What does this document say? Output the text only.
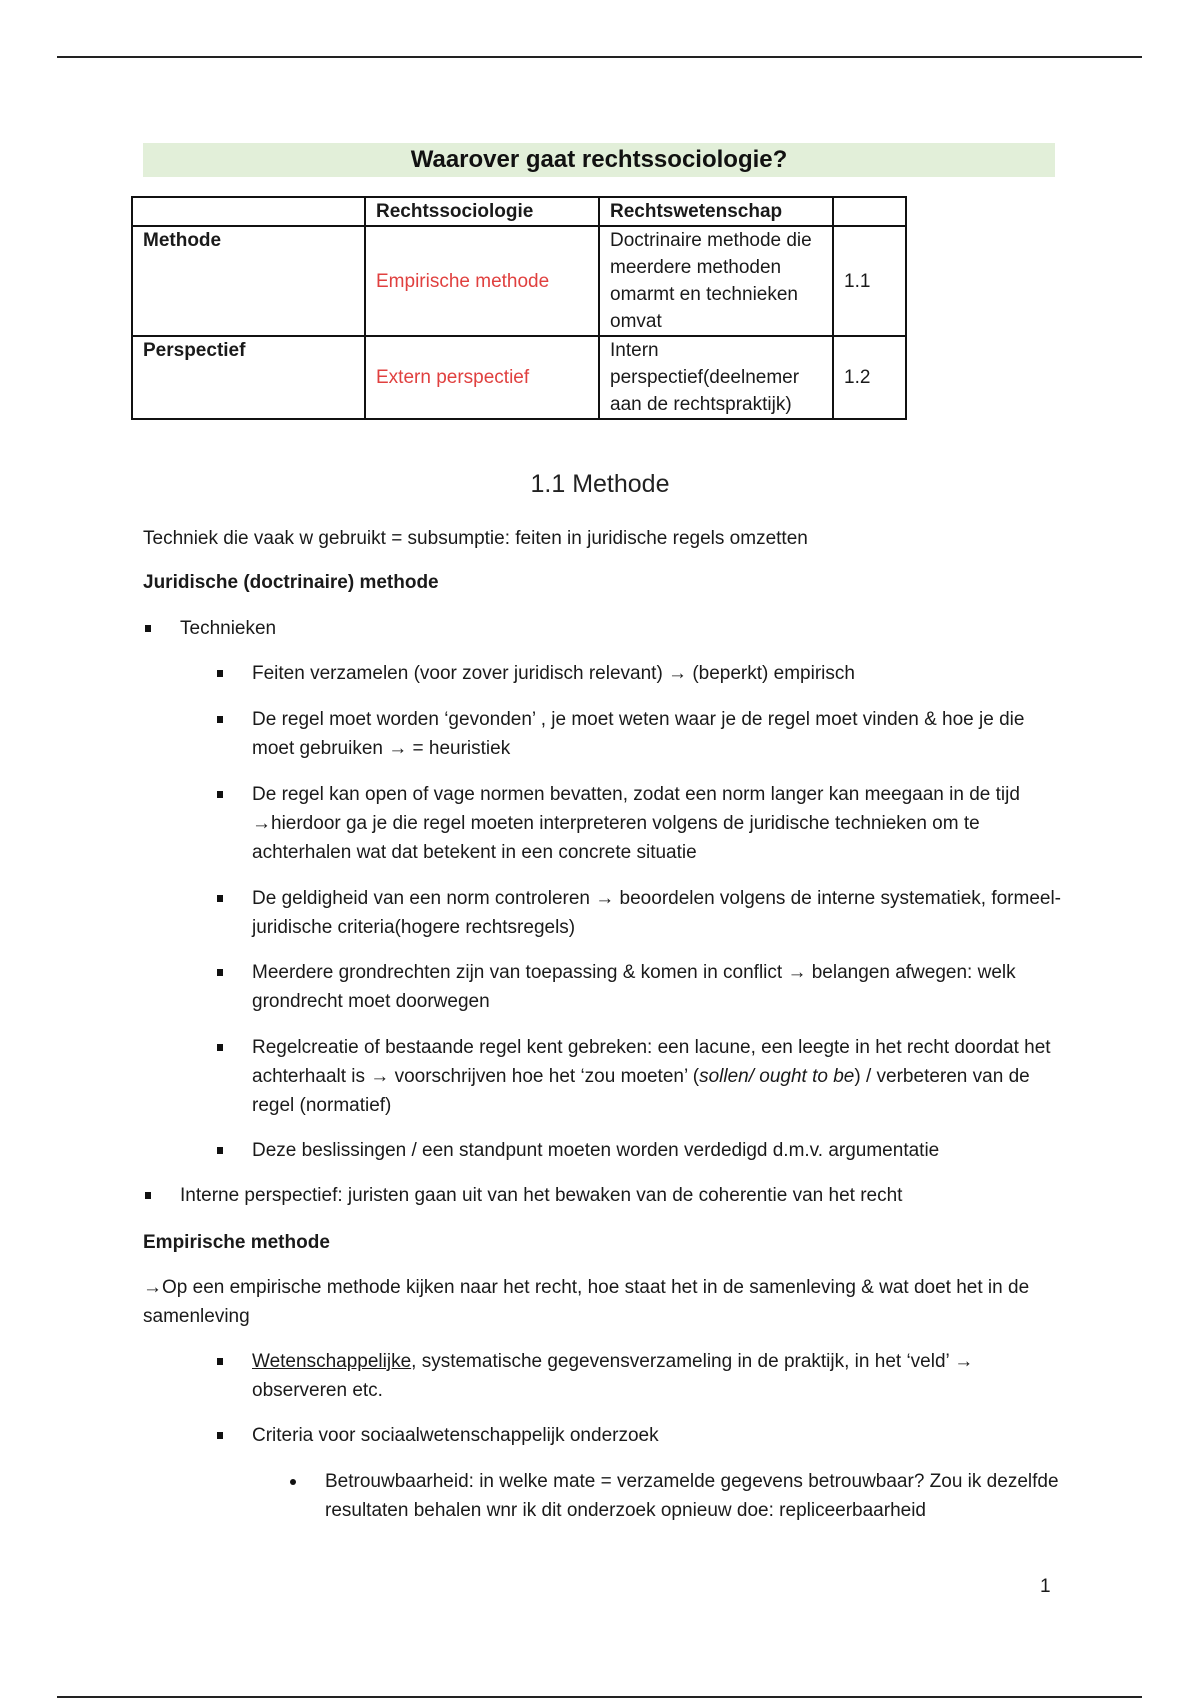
Waarover gaat rechtssociologie?
	Rechtssociologie	Rechtswetenschap	
Methode	Empirische methode	Doctrinaire methode die meerdere methoden omarmt en technieken omvat	1.1
Perspectief	Extern perspectief	Intern perspectief(deelnemer aan de rechtspraktijk)	1.2
1.1 Methode
Techniek die vaak w gebruikt = subsumptie: feiten in juridische regels omzetten
Juridische (doctrinaire) methode
Technieken
Feiten verzamelen (voor zover juridisch relevant) → (beperkt) empirisch
De regel moet worden ‘gevonden’ , je moet weten waar je de regel moet vinden & hoe je die moet gebruiken → = heuristiek
De regel kan open of vage normen bevatten, zodat een norm langer kan meegaan in de tijd →hierdoor ga je die regel moeten interpreteren volgens de juridische technieken om te achterhalen wat dat betekent in een concrete situatie
De geldigheid van een norm controleren → beoordelen volgens de interne systematiek, formeel-juridische criteria(hogere rechtsregels)
Meerdere grondrechten zijn van toepassing & komen in conflict → belangen afwegen: welk grondrecht moet doorwegen
Regelcreatie of bestaande regel kent gebreken: een lacune, een leegte in het recht doordat het achterhaalt is → voorschrijven hoe het ‘zou moeten’ (sollen/ ought to be) / verbeteren van de regel (normatief)
Deze beslissingen / een standpunt moeten worden verdedigd d.m.v. argumentatie
Interne perspectief: juristen gaan uit van het bewaken van de coherentie van het recht
Empirische methode
→Op een empirische methode kijken naar het recht, hoe staat het in de samenleving & wat doet het in de samenleving
Wetenschappelijke, systematische gegevensverzameling in de praktijk, in het ‘veld’ → observeren etc.
Criteria voor sociaalwetenschappelijk onderzoek
Betrouwbaarheid: in welke mate = verzamelde gegevens betrouwbaar? Zou ik dezelfde resultaten behalen wnr ik dit onderzoek opnieuw doe: repliceerbaarheid
1
